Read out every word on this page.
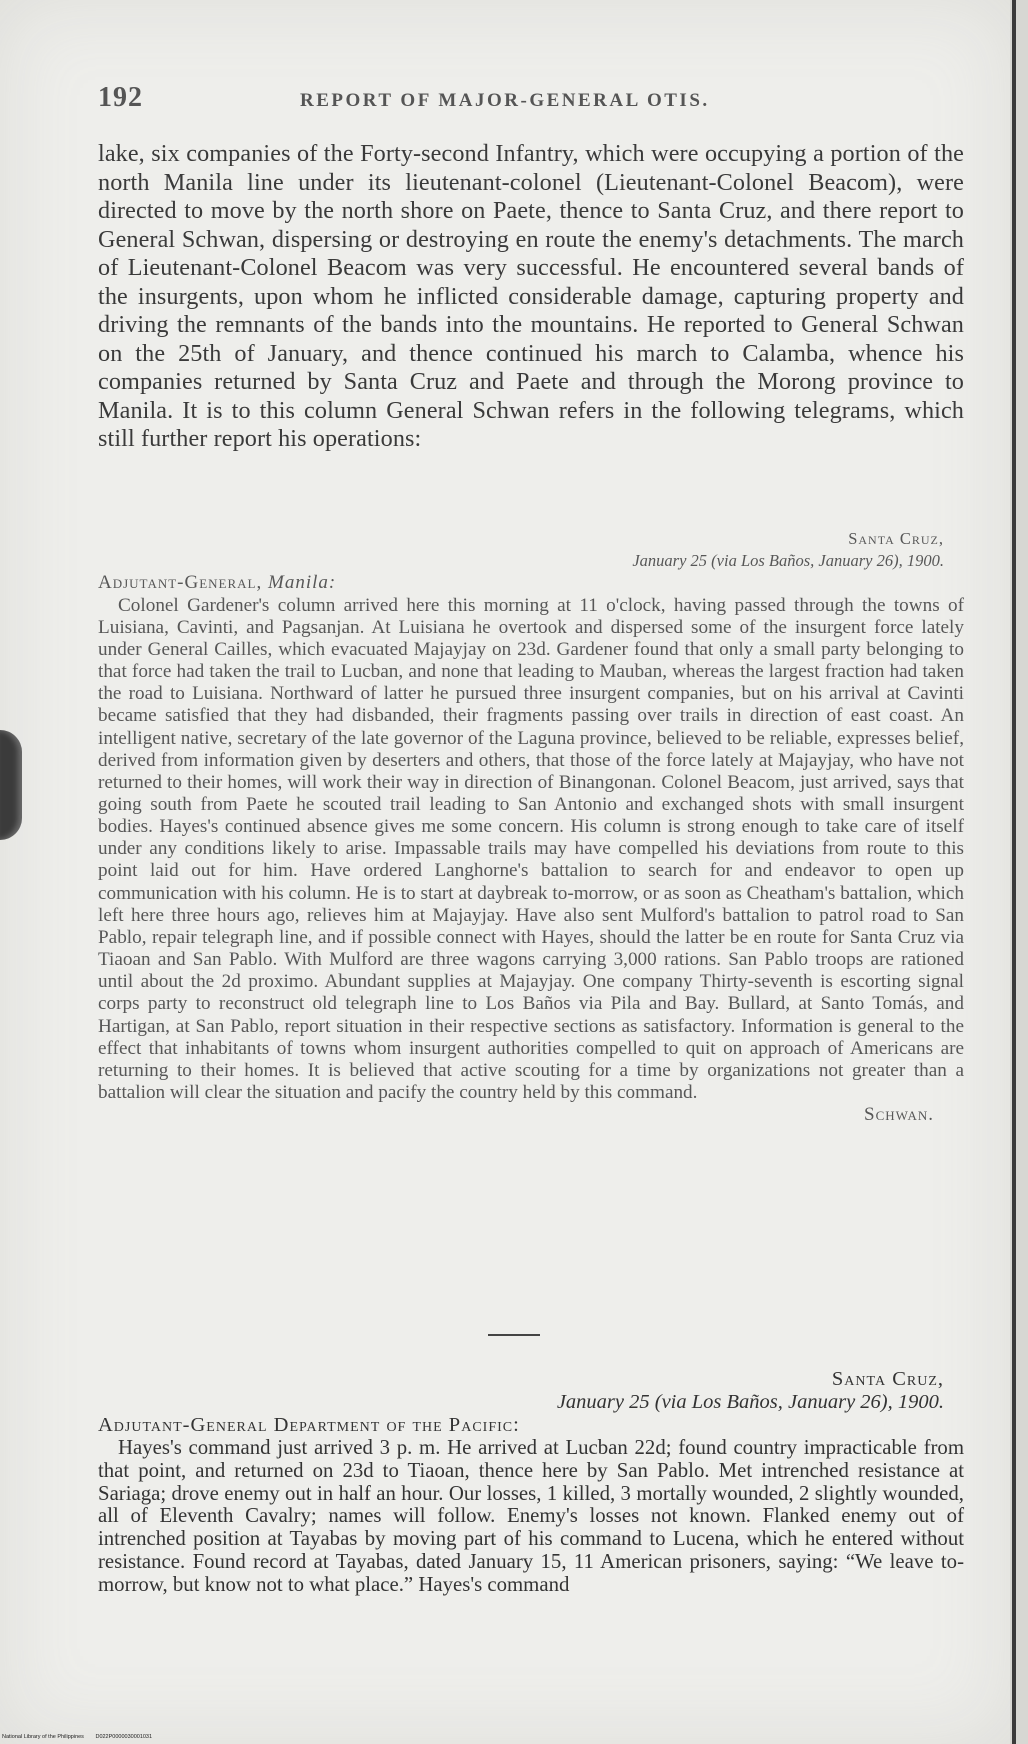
192	REPORT OF MAJOR-GENERAL OTIS.
lake, six companies of the Forty-second Infantry, which were occupying a portion of the north Manila line under its lieutenant-colonel (Lieutenant-Colonel Beacom), were directed to move by the north shore on Paete, thence to Santa Cruz, and there report to General Schwan, dispersing or destroying en route the enemy's detachments. The march of Lieutenant-Colonel Beacom was very successful. He encountered several bands of the insurgents, upon whom he inflicted considerable damage, capturing property and driving the remnants of the bands into the mountains. He reported to General Schwan on the 25th of January, and thence continued his march to Calamba, whence his companies returned by Santa Cruz and Paete and through the Morong province to Manila. It is to this column General Schwan refers in the following telegrams, which still further report his operations:
Santa Cruz,
January 25 (via Los Baños, January 26), 1900.
Adjutant-General, Manila:

Colonel Gardener's column arrived here this morning at 11 o'clock, having passed through the towns of Luisiana, Cavinti, and Pagsanjan. At Luisiana he overtook and dispersed some of the insurgent force lately under General Cailles, which evacuated Majayjay on 23d. Gardener found that only a small party belonging to that force had taken the trail to Lucban, and none that leading to Mauban, whereas the largest fraction had taken the road to Luisiana. Northward of latter he pursued three insurgent companies, but on his arrival at Cavinti became satisfied that they had disbanded, their fragments passing over trails in direction of east coast. An intelligent native, secretary of the late governor of the Laguna province, believed to be reliable, expresses belief, derived from information given by deserters and others, that those of the force lately at Majayjay, who have not returned to their homes, will work their way in direction of Binangonan. Colonel Beacom, just arrived, says that going south from Paete he scouted trail leading to San Antonio and exchanged shots with small insurgent bodies. Hayes's continued absence gives me some concern. His column is strong enough to take care of itself under any conditions likely to arise. Impassable trails may have compelled his deviations from route to this point laid out for him. Have ordered Langhorne's battalion to search for and endeavor to open up communication with his column. He is to start at daybreak to-morrow, or as soon as Cheatham's battalion, which left here three hours ago, relieves him at Majayjay. Have also sent Mulford's battalion to patrol road to San Pablo, repair telegraph line, and if possible connect with Hayes, should the latter be en route for Santa Cruz via Tiaoan and San Pablo. With Mulford are three wagons carrying 3,000 rations. San Pablo troops are rationed until about the 2d proximo. Abundant supplies at Majayjay. One company Thirty-seventh is escorting signal corps party to reconstruct old telegraph line to Los Baños via Pila and Bay. Bullard, at Santo Tomás, and Hartigan, at San Pablo, report situation in their respective sections as satisfactory. Information is general to the effect that inhabitants of towns whom insurgent authorities compelled to quit on approach of Americans are returning to their homes. It is believed that active scouting for a time by organizations not greater than a battalion will clear the situation and pacify the country held by this command.

Schwan.
Santa Cruz,
January 25 (via Los Baños, January 26), 1900.
Adjutant-General Department of the Pacific:

Hayes's command just arrived 3 p. m. He arrived at Lucban 22d; found country impracticable from that point, and returned on 23d to Tiaoan, thence here by San Pablo. Met intrenched resistance at Sariaga; drove enemy out in half an hour. Our losses, 1 killed, 3 mortally wounded, 2 slightly wounded, all of Eleventh Cavalry; names will follow. Enemy's losses not known. Flanked enemy out of intrenched position at Tayabas by moving part of his command to Lucena, which he entered without resistance. Found record at Tayabas, dated January 15, 11 American prisoners, saying: “We leave to-morrow, but know not to what place.” Hayes's command

National Library of the Philippines D022P0000030001031
